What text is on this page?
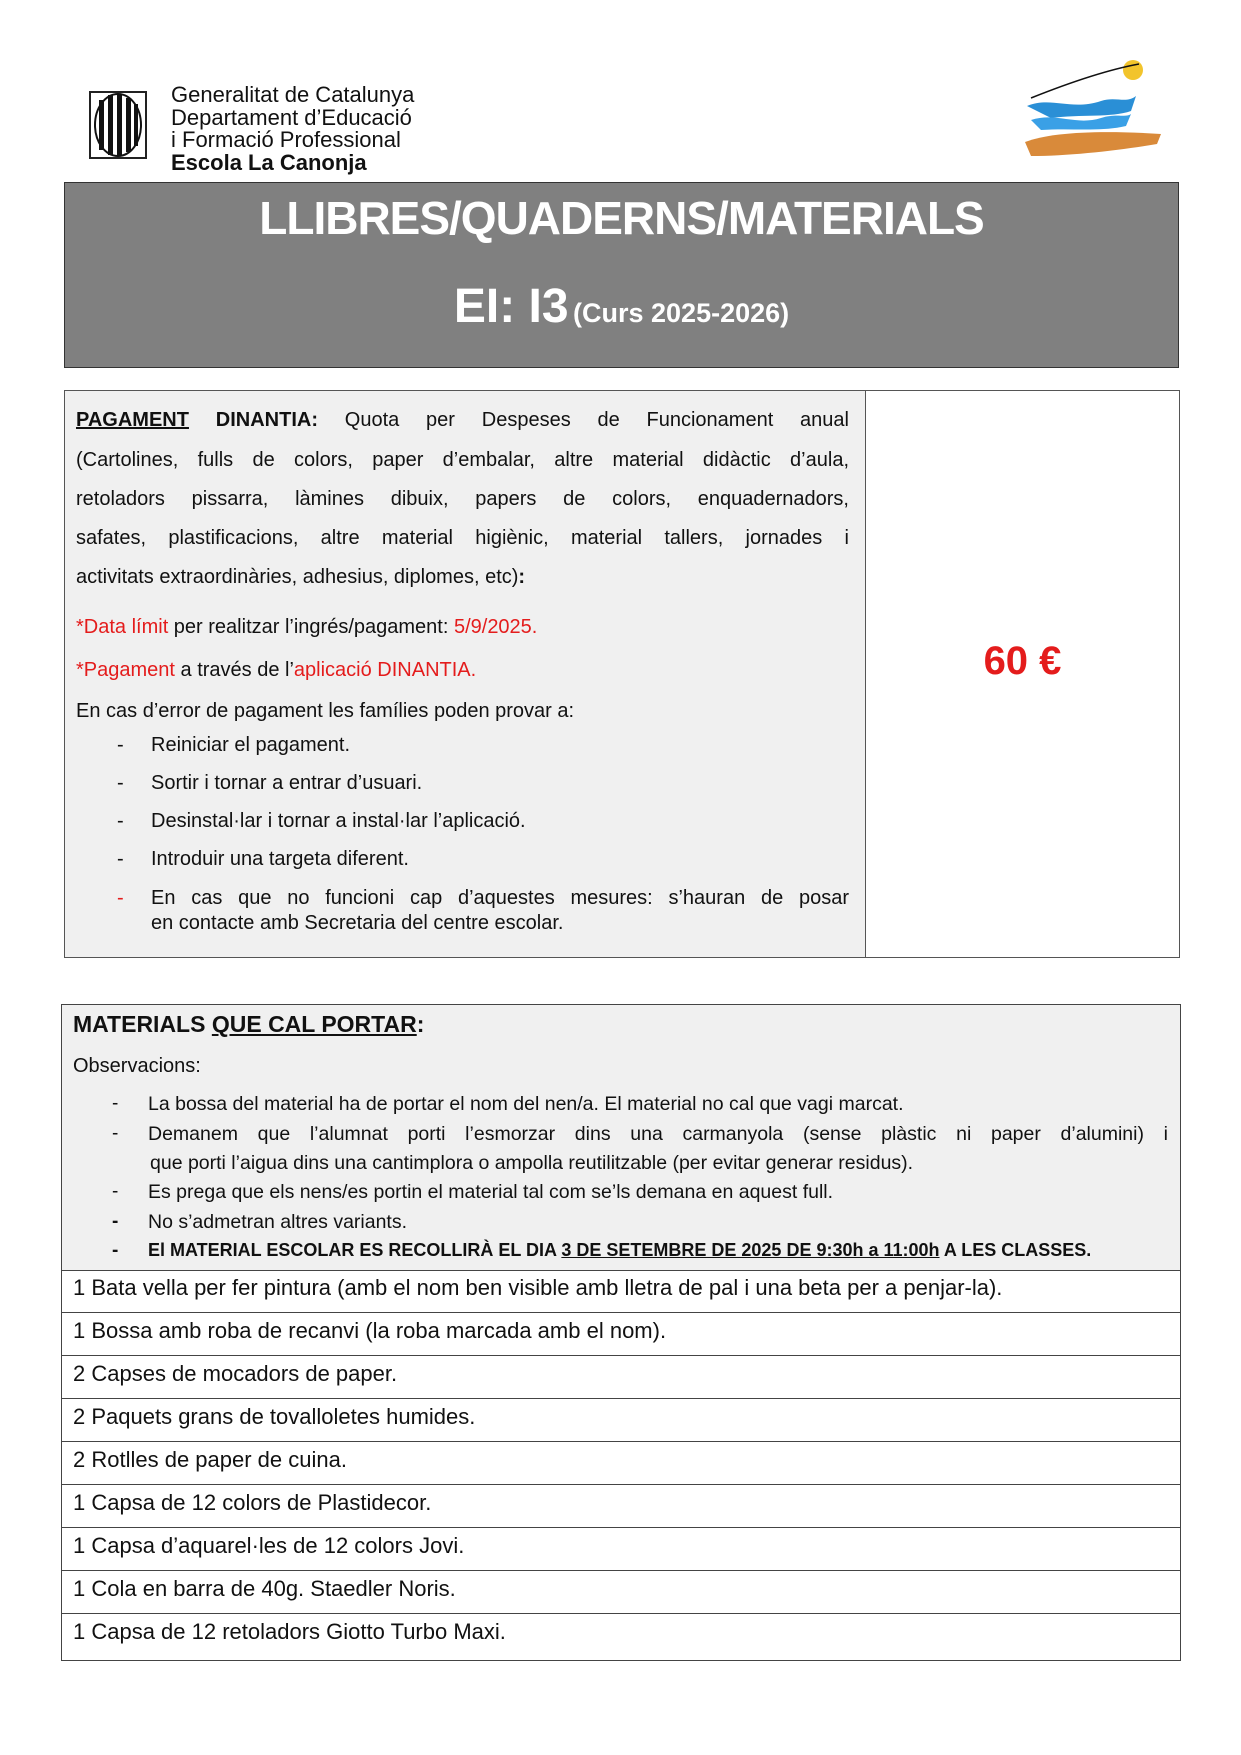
Generalitat de Catalunya
Departament d’Educació
i Formació Professional
Escola La Canonja
LLIBRES/QUADERNS/MATERIALS
EI: I3 (Curs 2025-2026)
PAGAMENT DINANTIA: Quota per Despeses de Funcionament anual
(Cartolines, fulls de colors, paper d’embalar, altre material didàctic d’aula,
retoladors pissarra, làmines dibuix, papers de colors, enquadernadors,
safates, plastificacions, altre material higiènic, material tallers, jornades i
activitats extraordinàries, adhesius, diplomes, etc):
*Data límit per realitzar l’ingrés/pagament: 5/9/2025.
*Pagament a través de l’aplicació DINANTIA.
En cas d’error de pagament les famílies poden provar a:
- Reiniciar el pagament.
- Sortir i tornar a entrar d’usuari.
- Desinstal·lar i tornar a instal·lar l’aplicació.
- Introduir una targeta diferent.
- En cas que no funcioni cap d’aquestes mesures: s’hauran de posar
en contacte amb Secretaria del centre escolar.
60 €
MATERIALS QUE CAL PORTAR:
Observacions:
- La bossa del material ha de portar el nom del nen/a. El material no cal que vagi marcat.
- Demanem que l’alumnat porti l’esmorzar dins una carmanyola (sense plàstic ni paper d’alumini) i
que porti l’aigua dins una cantimplora o ampolla reutilitzable (per evitar generar residus).
- Es prega que els nens/es portin el material tal com se’ls demana en aquest full.
- No s’admetran altres variants.
- El MATERIAL ESCOLAR ES RECOLLIRÀ EL DIA 3 DE SETEMBRE DE 2025 DE 9:30h a 11:00h A LES CLASSES.
1 Bata vella per fer pintura (amb el nom ben visible amb lletra de pal i una beta per a penjar-la).
1 Bossa amb roba de recanvi (la roba marcada amb el nom).
2 Capses de mocadors de paper.
2 Paquets grans de tovalloletes humides.
2 Rotlles de paper de cuina.
1 Capsa de 12 colors de Plastidecor.
1 Capsa d’aquarel·les de 12 colors Jovi.
1 Cola en barra de 40g. Staedler Noris.
1 Capsa de 12 retoladors Giotto Turbo Maxi.
